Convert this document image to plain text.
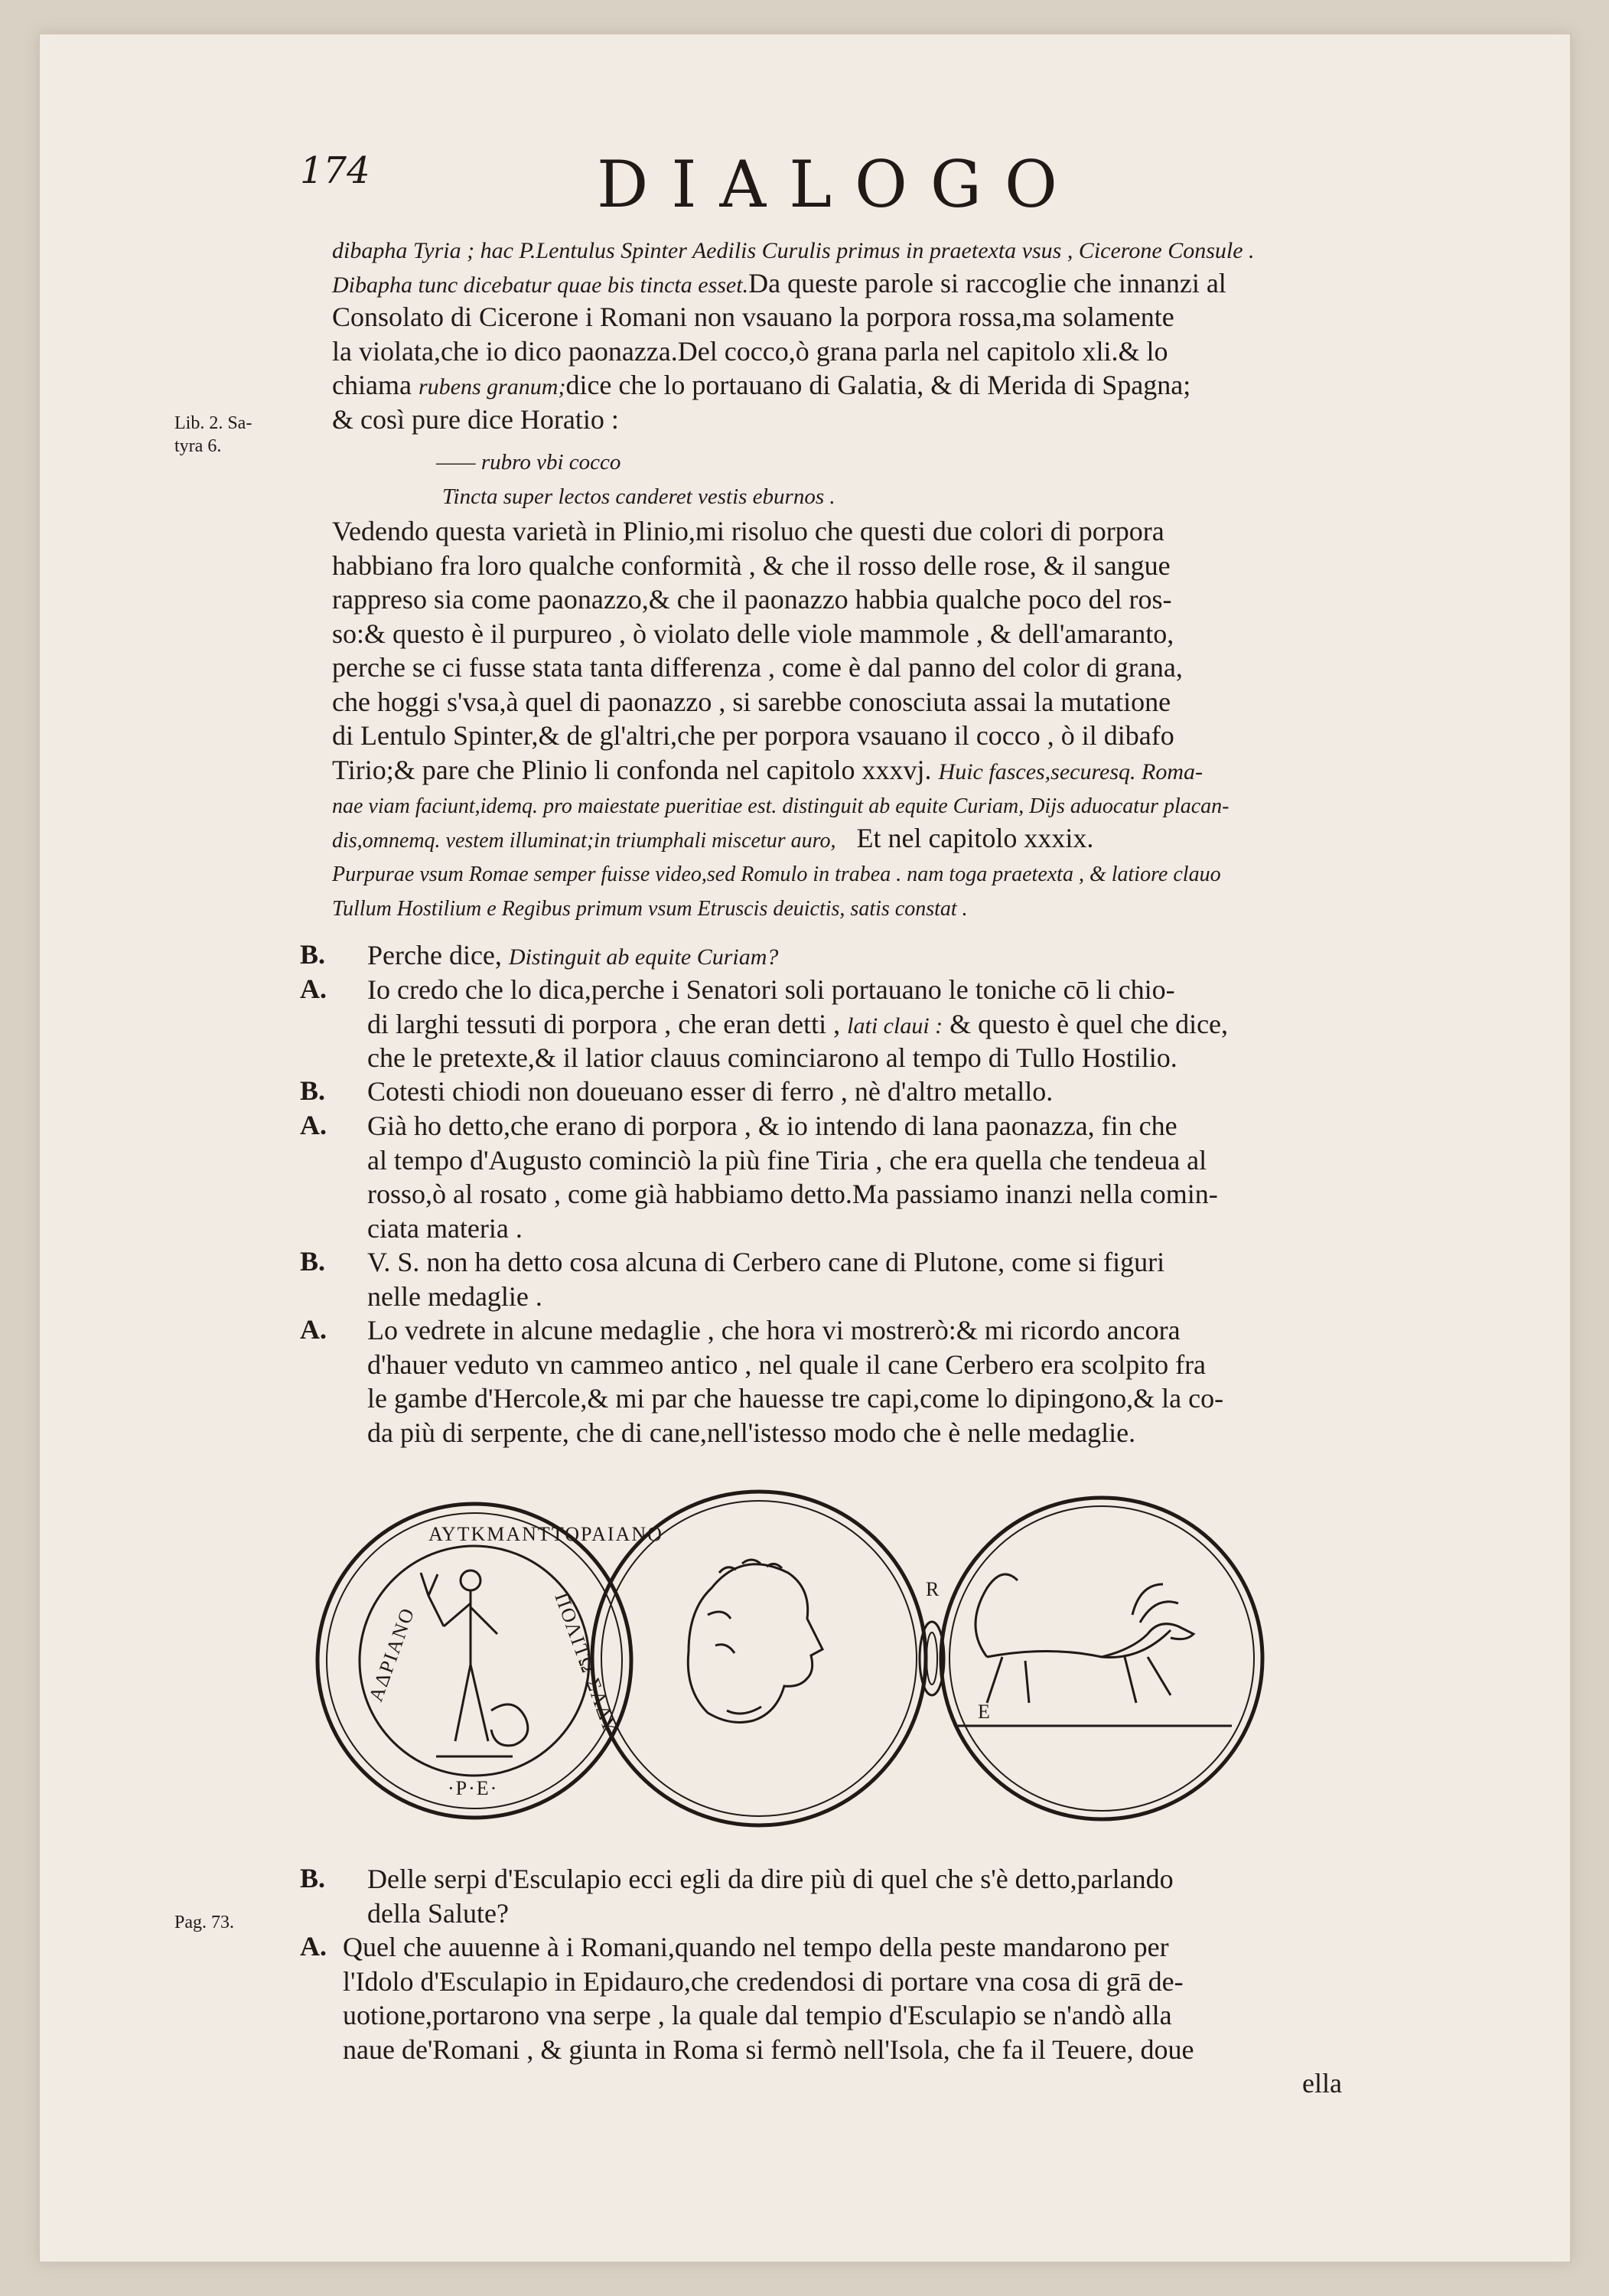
174	DIALOGO
Lib. 2. Sa-
tyra 6.
Pag. 73.
dibapha Tyria ; hac P.Lentulus Spinter Aedilis Curulis primus in praetexta vsus , Cicerone Consule .
Dibapha tunc dicebatur quae bis tincta esset.Da queste parole si raccoglie che innanzi al
Consolato di Cicerone i Romani non vsauano la porpora rossa,ma solamente
la violata,che io dico paonazza.Del cocco,ò grana parla nel capitolo xli.& lo
chiama rubens granum;dice che lo portauano di Galatia, & di Merida di Spagna;
& così pure dice Horatio :
—— rubro vbi cocco
Tincta super lectos canderet vestis eburnos .
Vedendo questa varietà in Plinio,mi risoluo che questi due colori di porpora
habbiano fra loro qualche conformità , & che il rosso delle rose, & il sangue
rappreso sia come paonazzo,& che il paonazzo habbia qualche poco del ros-
so:& questo è il purpureo , ò violato delle viole mammole , & dell'amaranto,
perche se ci fusse stata tanta differenza , come è dal panno del color di grana,
che hoggi s'vsa,à quel di paonazzo , si sarebbe conosciuta assai la mutatione
di Lentulo Spinter,& de gl'altri,che per porpora vsauano il cocco , ò il dibafo
Tirio;& pare che Plinio li confonda nel capitolo xxxvj. Huic fasces,securesq. Roma-
nae viam faciunt,idemq. pro maiestate pueritiae est. distinguit ab equite Curiam, Dijs aduocatur placan-
dis,omnemq. vestem illuminat;in triumphali miscetur auro, Et nel capitolo xxxix.
Purpurae vsum Romae semper fuisse video,sed Romulo in trabea . nam toga praetexta , & latiore clauo
Tullum Hostilium e Regibus primum vsum Etruscis deuictis, satis constat .
B. Perche dice, Distinguit ab equite Curiam?
A. Io credo che lo dica,perche i Senatori soli portauano le toniche cō li chio-
di larghi tessuti di porpora , che eran detti , lati claui : & questo è quel che dice,
che le pretexte,& il latior clauus cominciarono al tempo di Tullo Hostilio.
B. Cotesti chiodi non doueuano esser di ferro , nè d'altro metallo.
A. Già ho detto,che erano di porpora , & io intendo di lana paonazza, fin che
al tempo d'Augusto cominciò la più fine Tiria , che era quella che tendeua al
rosso,ò al rosato , come già habbiamo detto.Ma passiamo inanzi nella comin-
ciata materia .
B. V. S. non ha detto cosa alcuna di Cerbero cane di Plutone, come si figuri
nelle medaglie .
A. Lo vedrete in alcune medaglie , che hora vi mostrerò:& mi ricordo ancora
d'hauer veduto vn cammeo antico , nel quale il cane Cerbero era scolpito fra
le gambe d'Hercole,& mi par che hauesse tre capi,come lo dipingono,& la co-
da più di serpente, che di cane,nell'istesso modo che è nelle medaglie.
ΑΥΤΚΜΑΝΤΤΟΡΑΙΑΝΟ
ΠΟΛΙΤΩ ΣΑΔΥ
ΑΔΡΙΑΝΟ
·Ρ·Ε·
R
E
B. Delle serpi d'Esculapio ecci egli da dire più di quel che s'è detto,parlando
della Salute?
A. Quel che auuenne à i Romani,quando nel tempo della peste mandarono per
l'Idolo d'Esculapio in Epidauro,che credendosi di portare vna cosa di grā de-
uotione,portarono vna serpe , la quale dal tempio d'Esculapio se n'andò alla
naue de'Romani , & giunta in Roma si fermò nell'Isola, che fa il Teuere, doue
ella
